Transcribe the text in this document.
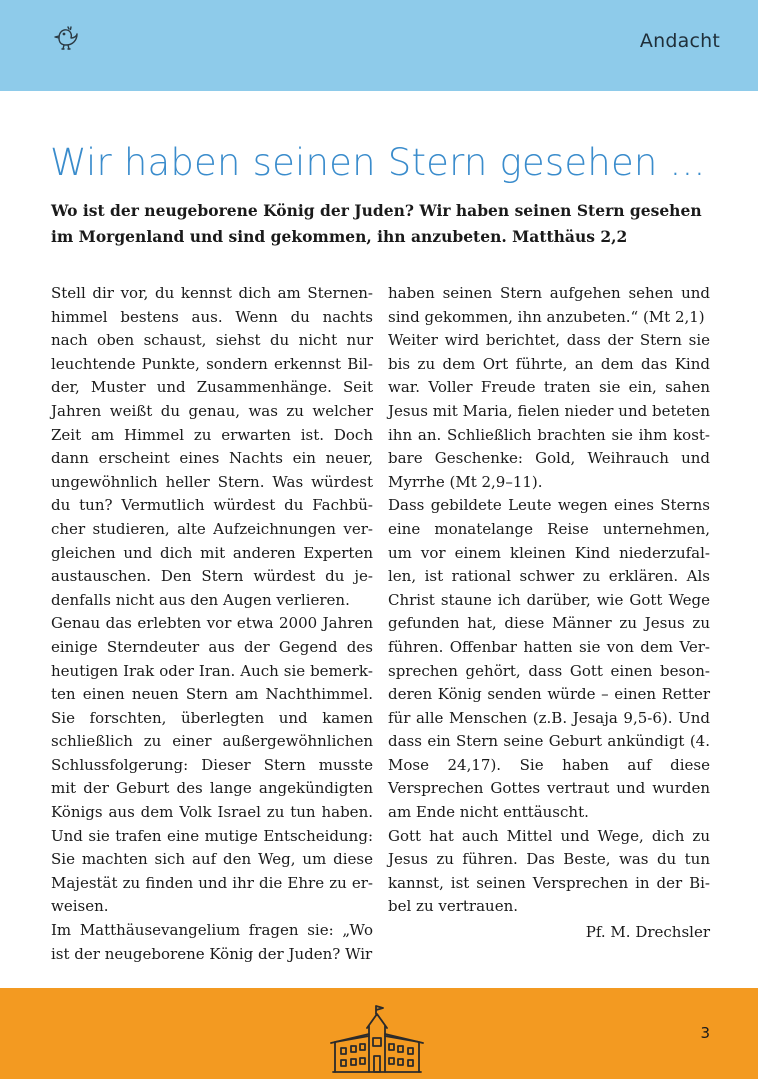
Andacht
Wir haben seinen Stern gesehen ...
Wo ist der neugeborene König der Juden? Wir haben seinen Stern gesehen im Morgenland und sind gekommen, ihn anzubeten. Matthäus 2,2

Stell dir vor, du kennst dich am Sternenhimmel bestens aus. Wenn du nachts nach oben schaust, siehst du nicht nur leuchtende Punkte, sondern erkennst Bilder, Muster und Zusammenhänge. Seit Jahren weißt du genau, was zu welcher Zeit am Himmel zu erwarten ist. Doch dann erscheint eines Nachts ein neuer, ungewöhnlich heller Stern. Was würdest du tun? Vermutlich würdest du Fachbücher studieren, alte Aufzeichnungen vergleichen und dich mit anderen Experten austauschen. Den Stern würdest du jedenfalls nicht aus den Augen verlieren.

Genau das erlebten vor etwa 2000 Jahren einige Sterndeuter aus der Gegend des heutigen Irak oder Iran. Auch sie bemerkten einen neuen Stern am Nachthimmel. Sie forschten, überlegten und kamen schließlich zu einer außergewöhnlichen Schlussfolgerung: Dieser Stern musste mit der Geburt des lange angekündigten Königs aus dem Volk Israel zu tun haben. Und sie trafen eine mutige Entscheidung: Sie machten sich auf den Weg, um diese Majestät zu finden und ihr die Ehre zu erweisen.

Im Matthäusevangelium fragen sie: „Wo ist der neugeborene König der Juden? Wir

haben seinen Stern aufgehen sehen und sind gekommen, ihn anzubeten.“ (Mt 2,1)

Weiter wird berichtet, dass der Stern sie bis zu dem Ort führte, an dem das Kind war. Voller Freude traten sie ein, sahen Jesus mit Maria, fielen nieder und beteten ihn an. Schließlich brachten sie ihm kostbare Geschenke: Gold, Weihrauch und Myrrhe (Mt 2,9–11).

Dass gebildete Leute wegen eines Sterns eine monatelange Reise unternehmen, um vor einem kleinen Kind niederzufallen, ist rational schwer zu erklären. Als Christ staune ich darüber, wie Gott Wege gefunden hat, diese Männer zu Jesus zu führen. Offenbar hatten sie von dem Versprechen gehört, dass Gott einen besonderen König senden würde – einen Retter für alle Menschen (z.B. Jesaja 9,5-6). Und dass ein Stern seine Geburt ankündigt (4. Mose 24,17). Sie haben auf diese Versprechen Gottes vertraut und wurden am Ende nicht enttäuscht.

Gott hat auch Mittel und Wege, dich zu Jesus zu führen. Das Beste, was du tun kannst, ist seinen Versprechen in der Bibel zu vertrauen.

Pf. M. Drechsler

3
